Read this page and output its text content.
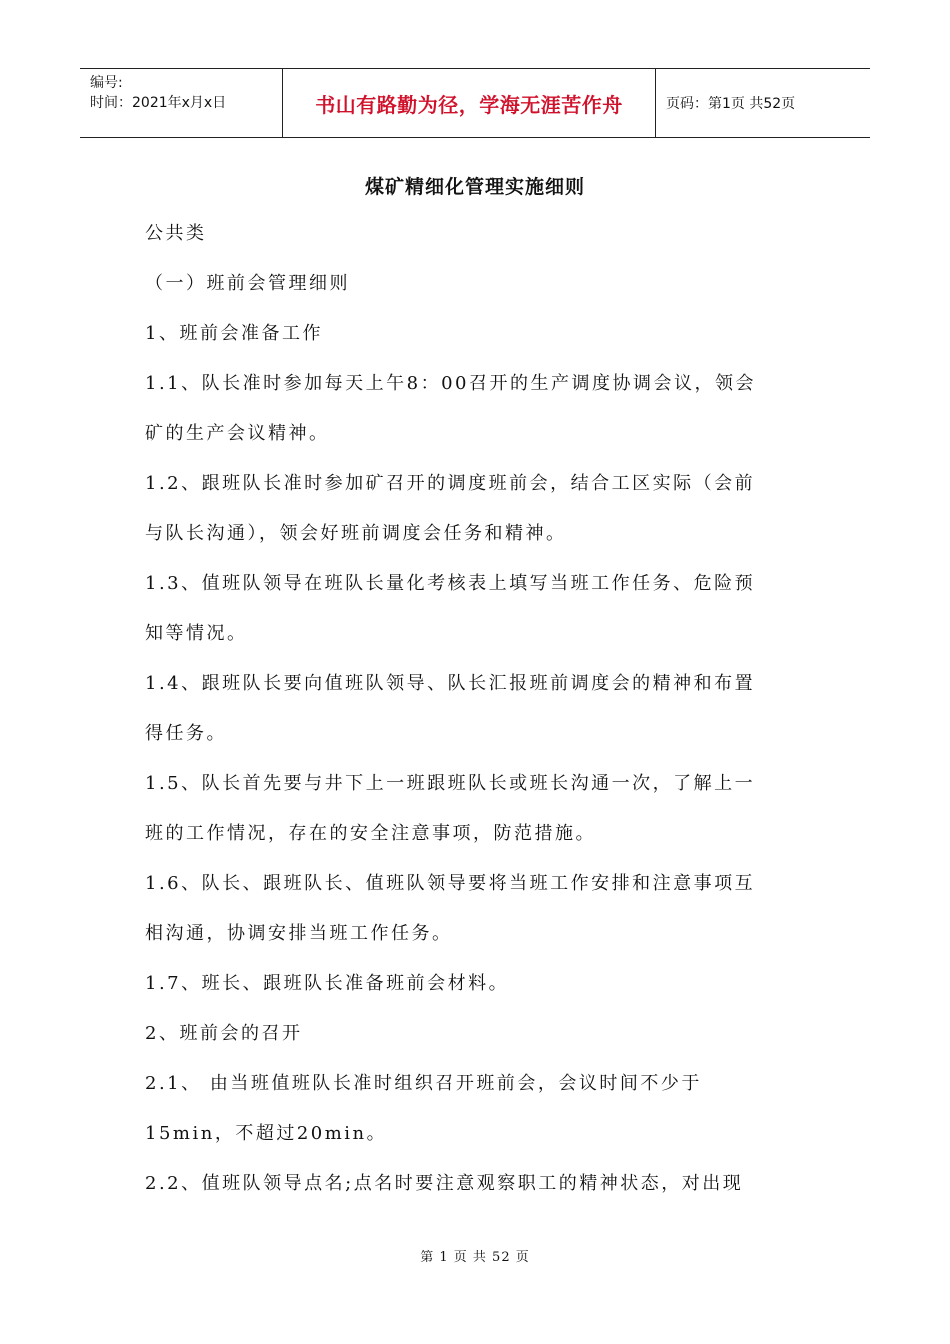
编号:
时间：2021年x月x日	书山有路勤为径，学海无涯苦作舟	页码：第1页 共52页
煤矿精细化管理实施细则
公共类
（一）班前会管理细则
1、班前会准备工作
1.1、队长准时参加每天上午8：00召开的生产调度协调会议，领会
矿的生产会议精神。
1.2、跟班队长准时参加矿召开的调度班前会，结合工区实际（会前
与队长沟通），领会好班前调度会任务和精神。
1.3、值班队领导在班队长量化考核表上填写当班工作任务、危险预
知等情况。
1.4、跟班队长要向值班队领导、队长汇报班前调度会的精神和布置
得任务。
1.5、队长首先要与井下上一班跟班队长或班长沟通一次，了解上一
班的工作情况，存在的安全注意事项，防范措施。
1.6、队长、跟班队长、值班队领导要将当班工作安排和注意事项互
相沟通，协调安排当班工作任务。
1.7、班长、跟班队长准备班前会材料。
2、班前会的召开
2.1、 由当班值班队长准时组织召开班前会，会议时间不少于
15min，不超过20min。
2.2、值班队领导点名;点名时要注意观察职工的精神状态，对出现
第 1 页 共 52 页
